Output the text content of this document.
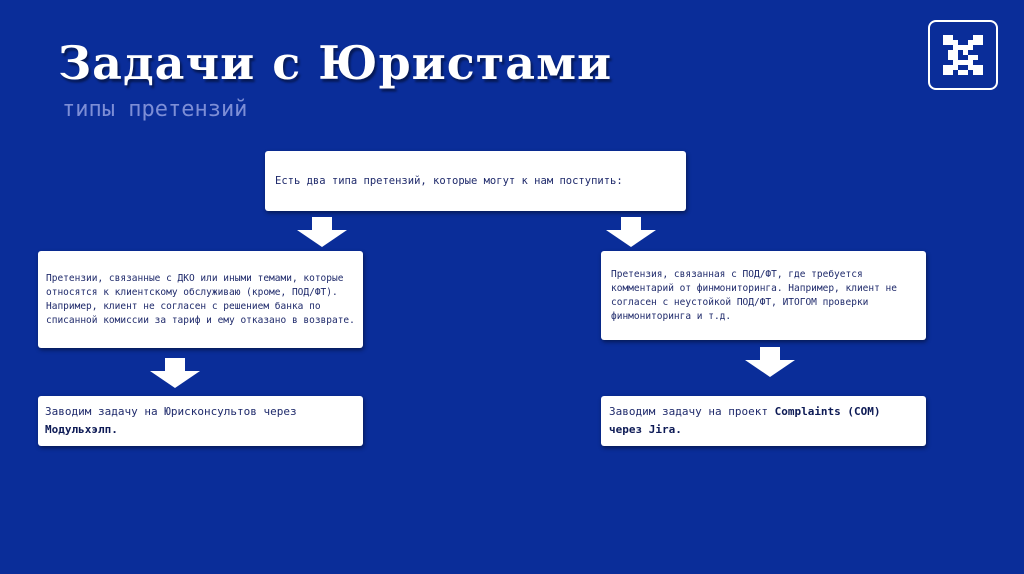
Задачи с Юристами
типы претензий
Есть два типа претензий, которые могут к нам поступить:
Претензии, связанные с ДКО или иными темами, которые относятся к клиентскому обслуживаю (кроме, ПОД/ФТ). Например, клиент не согласен с решением банка по списанной комиссии за тариф и ему отказано в возврате.
Претензия, связанная с ПОД/ФТ, где требуется комментарий от финмониторинга. Например, клиент не согласен с неустойкой ПОД/ФТ, ИТОГОМ проверки финмониторинга и т.д.
Заводим задачу на Юрисконсультов через Модульхэлп.
Заводим задачу на проект Complaints (COM) через Jira.
